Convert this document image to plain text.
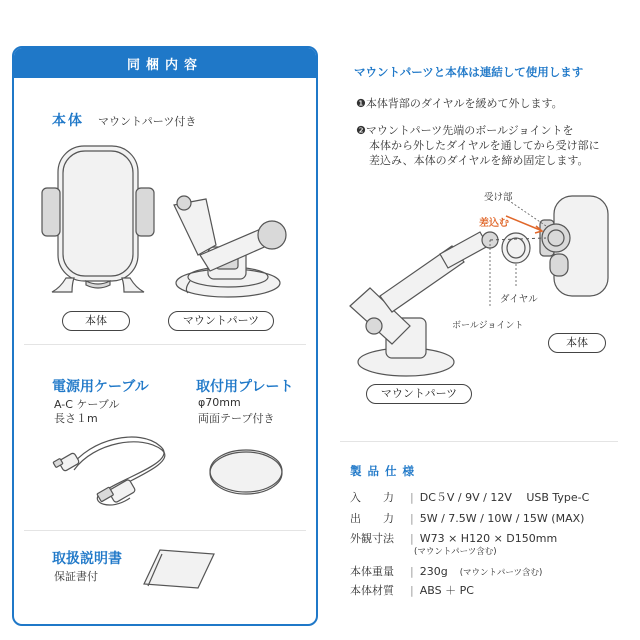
同梱内容
本体 マウントパーツ付き
本体	マウントパーツ
電源用ケーブル
A-C ケーブル
長さ１m
取付用プレート
φ70mm
両面テープ付き
取扱説明書
保証書付
マウントパーツと本体は連結して使用します
❶本体背部のダイヤルを緩めて外します。
❷マウントパーツ先端のボールジョイントを
本体から外したダイヤルを通してから受け部に
差込み、本体のダイヤルを締め固定します。
受け部
差込む
ダイヤル
ボールジョイント
本体
マウントパーツ
製品仕様
入　　力	| DC５V / 9V / 12V　 USB Type-C
出　　力	| 5W / 7.5W / 10W / 15W (MAX)
外観寸法	| W73 × H120 × D150mm
(マウントパーツ含む)
本体重量	| 230g (マウントパーツ含む)
本体材質	| ABS ＋ PC
